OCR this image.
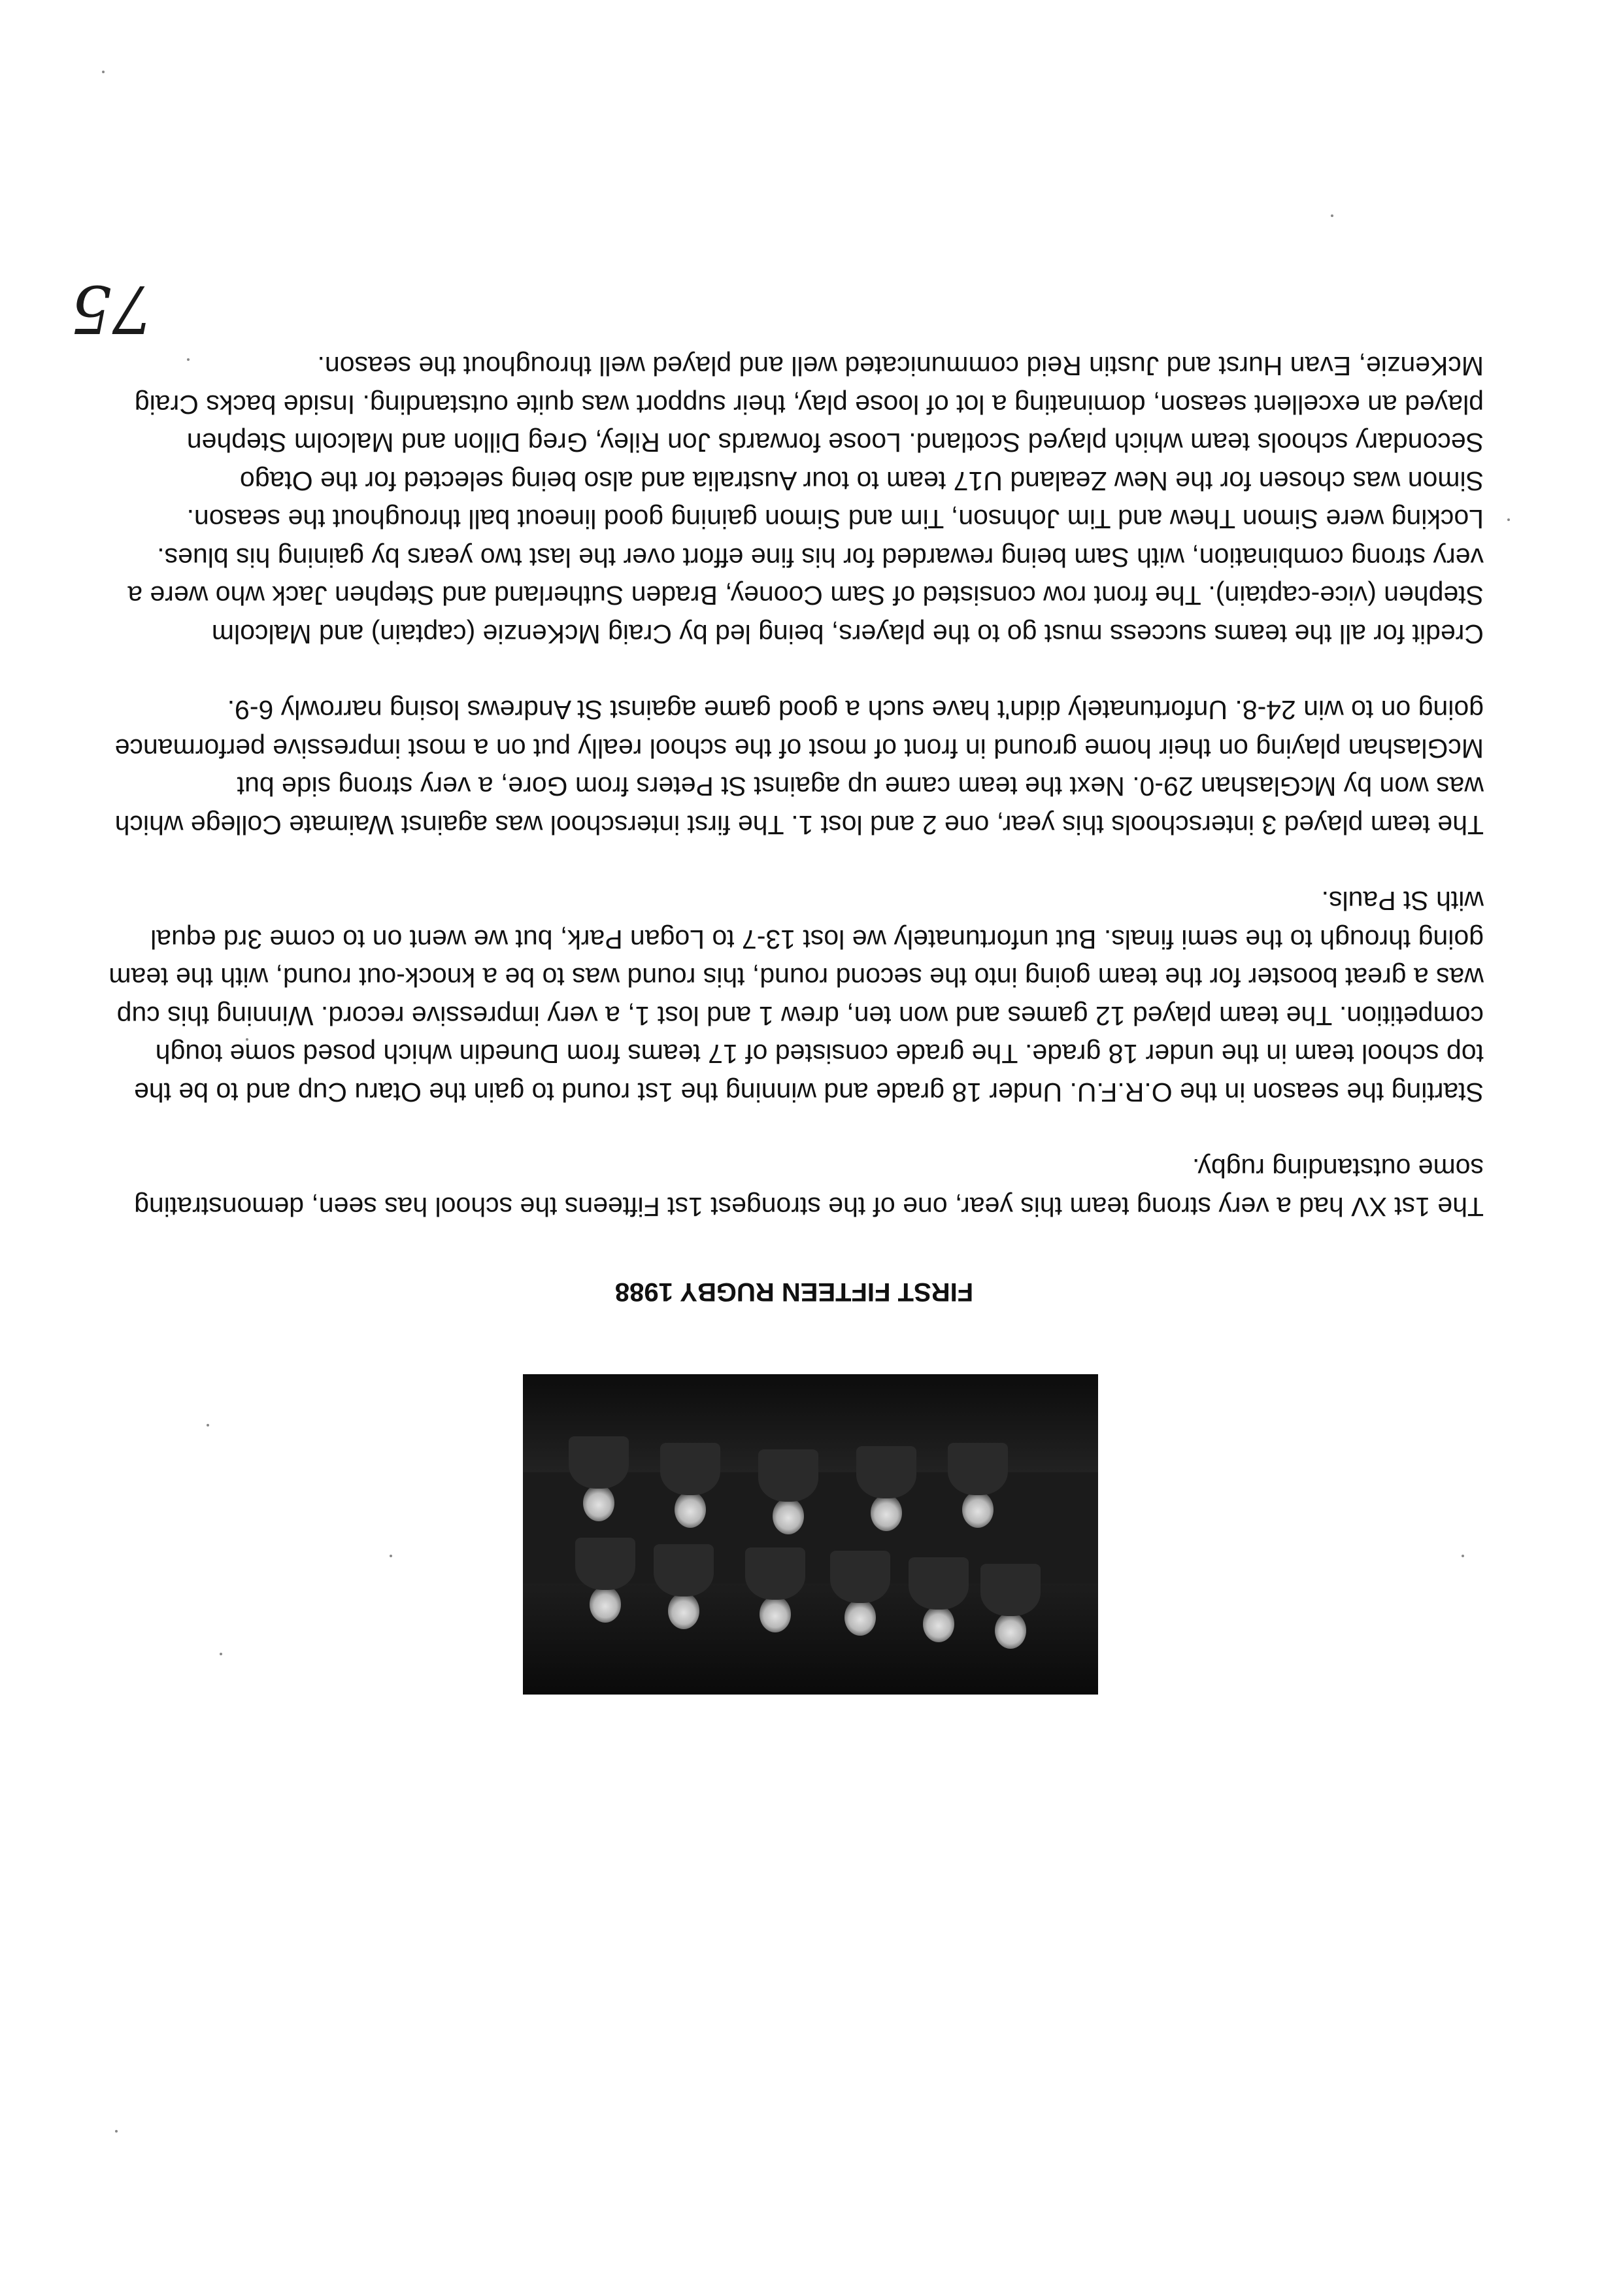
FIRST FIFTEEN RUGBY 1988

The 1st XV had a very strong team this year, one of the strongest 1st Fifteens the school has seen, demonstrating some outstanding rugby.

Starting the season in the O.R.F.U. Under 18 grade and winning the 1st round to gain the Otaru Cup and to be the top school team in the under 18 grade. The grade consisted of 17 teams from Dunedin which posed some tough competition. The team played 12 games and won ten, drew 1 and lost 1, a very impressive record. Winning this cup was a great booster for the team going into the second round, this round was to be a knock-out round, with the team going through to the semi finals. But unfortunately we lost 13-7 to Logan Park, but we went on to come 3rd equal with St Pauls.

The team played 3 interschools this year, one 2 and lost 1. The first interschool was against Waimate College which was won by McGlashan 29-0. Next the team came up against St Peters from Gore, a very strong side but McGlashan playing on their home ground in front of most of the school really put on a most impressive performance going on to win 24-8. Unfortunately didn't have such a good game against St Andrews losing narrowly 6-9.

Credit for all the teams success must go to the players, being led by Craig McKenzie (captain) and Malcolm Stephen (vice-captain). The front row consisted of Sam Cooney, Braden Sutherland and Stephen Jack who were a very strong combination, with Sam being rewarded for his fine effort over the last two years by gaining his blues. Locking were Simon Thew and Tim Johnson, Tim and Simon gaining good lineout ball throughout the season. Simon was chosen for the New Zealand U17 team to tour Australia and also being selected for the Otago Secondary schools team which played Scotland. Loose forwards Jon Riley, Greg Dillon and Malcolm Stephen played an excellent season, dominating a lot of loose play, their support was quite outstanding. Inside backs Craig McKenzie, Evan Hurst and Justin Reid communicated well and played well throughout the season.

75
